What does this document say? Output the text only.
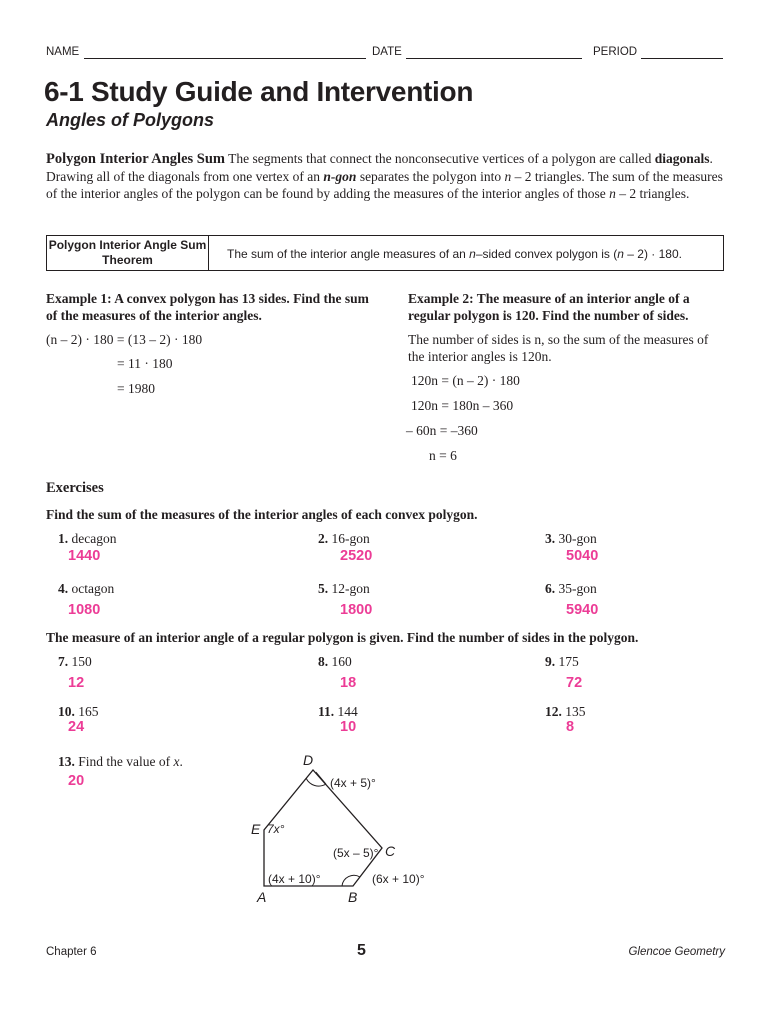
NAME	DATE	PERIOD
6-1 Study Guide and Intervention
Angles of Polygons
Polygon Interior Angles Sum The segments that connect the nonconsecutive vertices of a polygon are called diagonals. Drawing all of the diagonals from one vertex of an n-gon separates the polygon into n – 2 triangles. The sum of the measures of the interior angles of the polygon can be found by adding the measures of the interior angles of those n – 2 triangles.
Polygon Interior Angle Sum Theorem	The sum of the interior angle measures of an n–sided convex polygon is (n – 2) · 180.
Example 1: A convex polygon has 13 sides. Find the sum of the measures of the interior angles.
(n – 2) · 180 = (13 – 2) · 180
= 11 · 180
= 1980
Example 2: The measure of an interior angle of a regular polygon is 120. Find the number of sides.
The number of sides is n, so the sum of the measures of the interior angles is 120n.
120n = (n – 2) · 180
120n = 180n – 360
– 60n = –360
n = 6
Exercises
Find the sum of the measures of the interior angles of each convex polygon.
1. decagon
1440
2. 16-gon
2520
3. 30-gon
5040
4. octagon
1080
5. 12-gon
1800
6. 35-gon
5940
The measure of an interior angle of a regular polygon is given. Find the number of sides in the polygon.
7. 150
12
8. 160
18
9. 175
72
10. 165
24
11. 144
10
12. 135
8
13. Find the value of x.
20
D
E
C
A	B
(4x + 5)°
7x°
(5x – 5)°
(4x + 10)°	(6x + 10)°
Chapter 6	5	Glencoe Geometry
